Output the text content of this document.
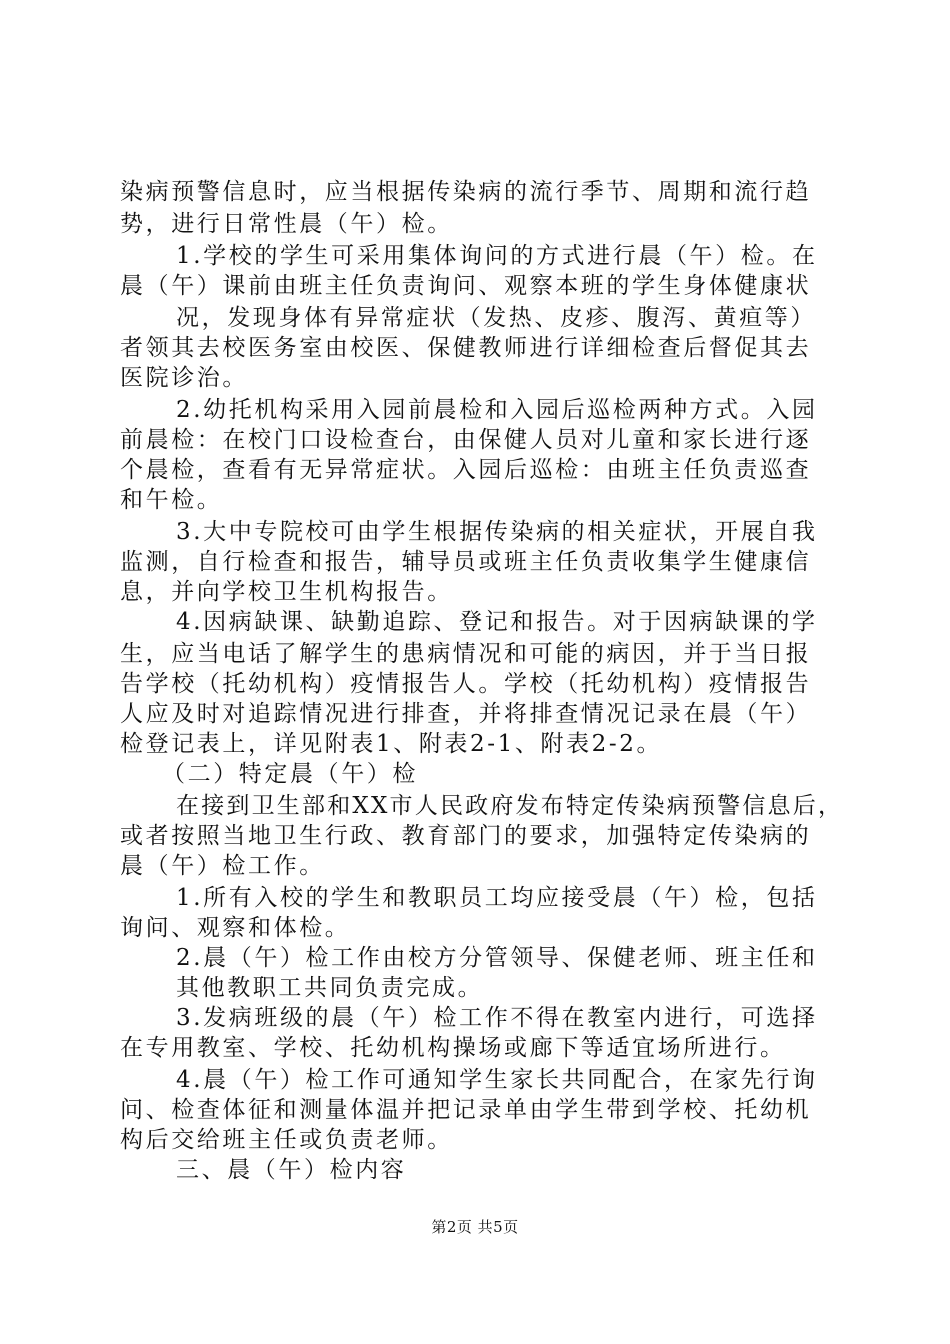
染病预警信息时，应当根据传染病的流行季节、周期和流行趋
势，进行日常性晨（午）检。
1.学校的学生可采用集体询问的方式进行晨（午）检。在
晨（午）课前由班主任负责询问、观察本班的学生身体健康状
况，发现身体有异常症状（发热、皮疹、腹泻、黄疸等）
者领其去校医务室由校医、保健教师进行详细检查后督促其去
医院诊治。
2.幼托机构采用入园前晨检和入园后巡检两种方式。入园
前晨检：在校门口设检查台，由保健人员对儿童和家长进行逐
个晨检，查看有无异常症状。入园后巡检：由班主任负责巡查
和午检。
3.大中专院校可由学生根据传染病的相关症状，开展自我
监测，自行检查和报告，辅导员或班主任负责收集学生健康信
息，并向学校卫生机构报告。
4.因病缺课、缺勤追踪、登记和报告。对于因病缺课的学
生，应当电话了解学生的患病情况和可能的病因，并于当日报
告学校（托幼机构）疫情报告人。学校（托幼机构）疫情报告
人应及时对追踪情况进行排查，并将排查情况记录在晨（午）
检登记表上，详见附表1、附表2-1、附表2-2。
（二）特定晨（午）检
在接到卫生部和XX市人民政府发布特定传染病预警信息后，
或者按照当地卫生行政、教育部门的要求，加强特定传染病的
晨（午）检工作。
1.所有入校的学生和教职员工均应接受晨（午）检，包括
询问、观察和体检。
2.晨（午）检工作由校方分管领导、保健老师、班主任和
其他教职工共同负责完成。
3.发病班级的晨（午）检工作不得在教室内进行，可选择
在专用教室、学校、托幼机构操场或廊下等适宜场所进行。
4.晨（午）检工作可通知学生家长共同配合，在家先行询
问、检查体征和测量体温并把记录单由学生带到学校、托幼机
构后交给班主任或负责老师。
三、晨（午）检内容
第2页 共5页
